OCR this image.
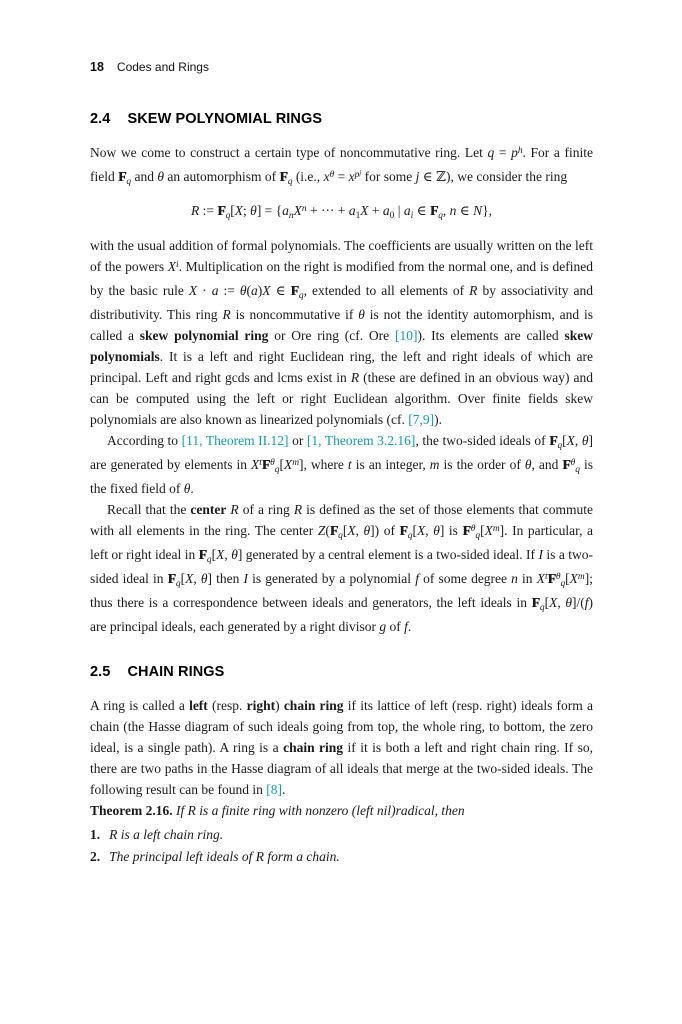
18 Codes and Rings
2.4 SKEW POLYNOMIAL RINGS

Now we come to construct a certain type of noncommutative ring. Let $q = p^h$. For a finite field $F_q$ and θ an automorphism of $F_q$ (i.e., $x^\theta = x^{pj}$ for some j ∈ ℤ), we consider the ring

R := $F_q[X$; $\theta] = \{a_nX^n$ + ··· + $a_1X + a_0$ | $a_i$ ∈ $F_q$, n ∈ N},

with the usual addition of formal polynomials. The coefficients are usually written on the left of the powers $X^i$. Multiplication on the right is modified from the normal one, and is defined by the basic rule X · a := θ(a)X ∈ $F_q$, extended to all elements of R by associativity and distributivity. This ring R is noncommutative if θ is not the identity automorphism, and is called a skew polynomial ring or Ore ring (cf. Ore [10]). Its elements are called skew polynomials. It is a left and right Euclidean ring, the left and right ideals of which are principal. Left and right gcds and lcms exist in R (these are defined in an obvious way) and can be computed using the left or right Euclidean algorithm. Over finite fields skew polynomials are also known as linearized polynomials (cf. [7,9]).

According to [11, Theorem II.12] or [1, Theorem 3.2.16], the two-sided ideals of $F_q[X$, θ] are generated by elements in $X^tF^\theta_q[X^m]$, where t is an integer, m is the order of θ, and $F^\theta_q$ is the fixed field of θ.

Recall that the center R of a ring R is defined as the set of those elements that commute with all elements in the ring. The center $Z(F_q[X$, θ]) of $F_q[X$, θ] is $F^\theta_q[X^m]$. In particular, a left or right ideal in $F_q[X$, θ] generated by a central element is a two-sided ideal. If I is a two-sided ideal in $F_q[X$, θ] then I is generated by a polynomial f of some degree n in $X^tF^\theta_q[X^m]$; thus there is a correspondence between ideals and generators, the left ideals in $F_q[X$, θ]/(f) are principal ideals, each generated by a right divisor g of f.

2.5 CHAIN RINGS

A ring is called a left (resp. right) chain ring if its lattice of left (resp. right) ideals form a chain (the Hasse diagram of such ideals going from top, the whole ring, to bottom, the zero ideal, is a single path). A ring is a chain ring if it is both a left and right chain ring. If so, there are two paths in the Hasse diagram of all ideals that merge at the two-sided ideals. The following result can be found in [8].

Theorem 2.16. If R is a finite ring with nonzero (left nil)radical, then

1. R is a left chain ring.
2. The principal left ideals of R form a chain.
